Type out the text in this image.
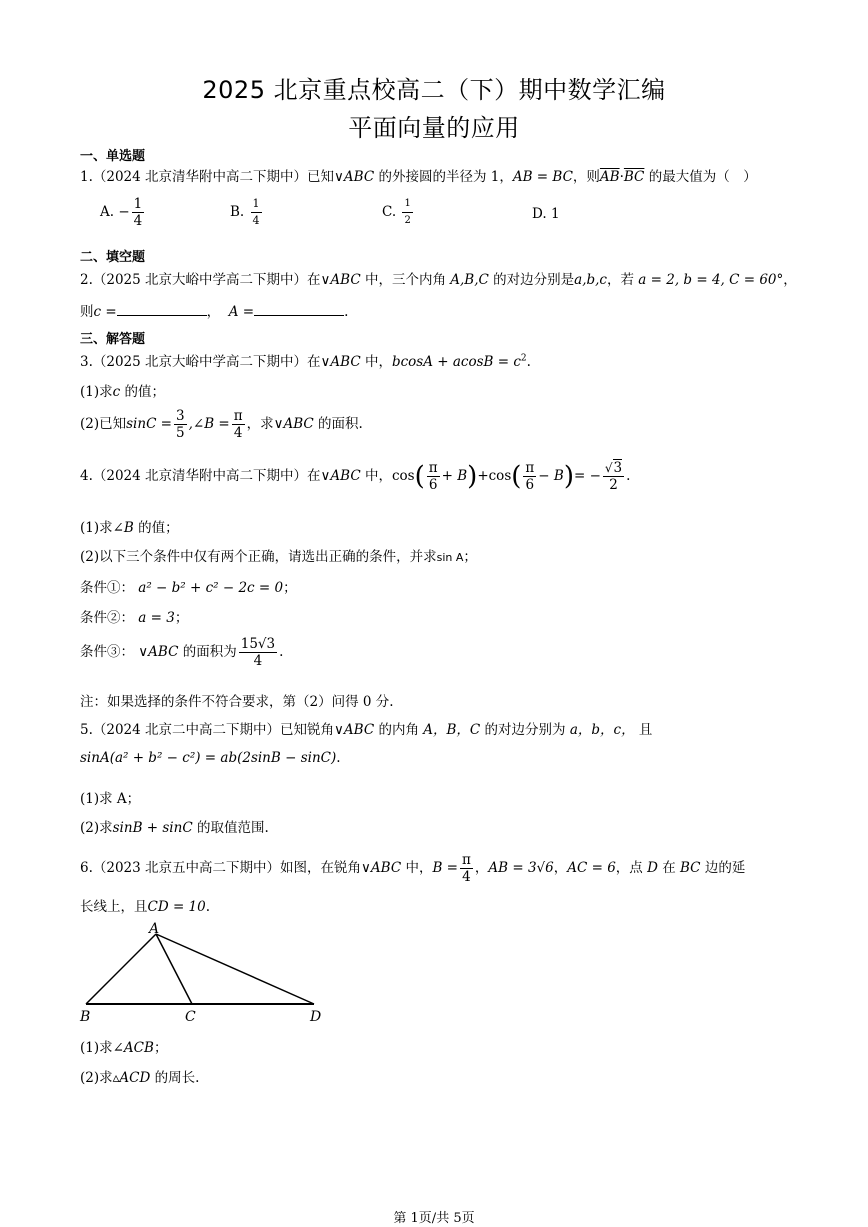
2025 北京重点校高二（下）期中数学汇编
平面向量的应用
一、单选题
1.（2024 北京清华附中高二下期中）已知∨ABC 的外接圆的半径为 1，AB = BC，则$\overline{AB}\cdot\overline{BC}$ 的最大值为（　）
A. − $\frac{1}{4}$	B. $\frac{1}{4}$	C. $\frac{1}{2}$	D. 1
二、填空题
2.（2025 北京大峪中学高二下期中）在∨ABC 中，三个内角 A,B,C 的对边分别是a,b,c，若 a = 2, b = 4, C = 60°，
则c =	， A =	.
三、解答题
3.（2025 北京大峪中学高二下期中）在∨ABC 中，$bcosA + acosB = c^2$.
(1)求c 的值；
(2)已知$\sin C = \frac{3}{5}$ ,∠B = $\frac{\pi}{4}$ ，求∨ABC 的面积.
4.（2024 北京清华附中高二下期中）在∨ABC 中，$\cos( \frac{\pi}{6} + B)+\cos( \frac{\pi}{6} - B)= - \frac{√3}{2}$ .
(1)求∠B 的值；
(2)以下三个条件中仅有两个正确，请选出正确的条件，并求sin A；
条件①： a² − b² + c² − 2c = 0；
条件②： a = 3；
条件③： ∨ABC 的面积为 $\frac{15√3}{4}$ .
注：如果选择的条件不符合要求，第（2）问得 0 分.
5.（2024 北京二中高二下期中）已知锐角∨ABC 的内角 A，B，C 的对边分别为 a，b，c， 且
sinA(a² + b² − c²) = ab(2sinB − sinC).
(1)求 A；
(2)求sinB + sinC 的取值范围.
6.（2023 北京五中高二下期中）如图，在锐角∨ABC 中，$B = \frac{\pi}{4}$ ，AB = 3√6，AC = 6，点 D 在 BC 边的延
长线上，且CD = 10.
A
B	C	D
(1)求∠ACB；
(2)求▵ACD 的周长.
第 1页/共 5页
